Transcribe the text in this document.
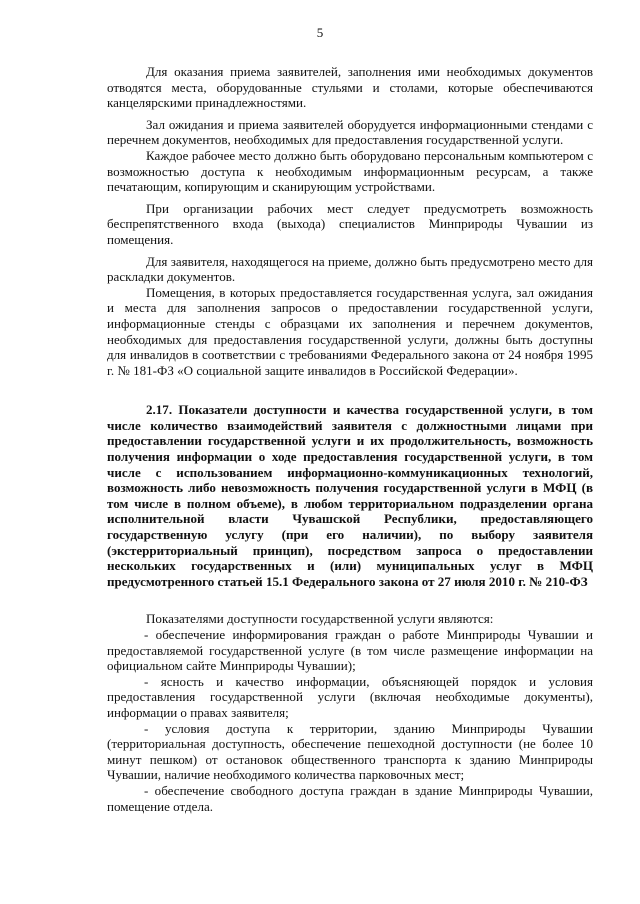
5

Для оказания приема заявителей, заполнения ими необходимых документов отводятся места, оборудованные стульями и столами, которые обеспечиваются канцелярскими принадлежностями.

Зал ожидания и приема заявителей оборудуется информационными стендами с перечнем документов, необходимых для предоставления государственной услуги.

Каждое рабочее место должно быть оборудовано персональным компьютером с возможностью доступа к необходимым информационным ресурсам, а также печатающим, копирующим и сканирующим устройствами.

При организации рабочих мест следует предусмотреть возможность беспрепятственного входа (выхода) специалистов Минприроды Чувашии из помещения.

Для заявителя, находящегося на приеме, должно быть предусмотрено место для раскладки документов.

Помещения, в которых предоставляется государственная услуга, зал ожидания и места для заполнения запросов о предоставлении государственной услуги, информационные стенды с образцами их заполнения и перечнем документов, необходимых для предоставления государственной услуги, должны быть доступны для инвалидов в соответствии с требованиями Федерального закона от 24 ноября 1995 г. № 181-ФЗ «О социальной защите инвалидов в Российской Федерации».

2.17. Показатели доступности и качества государственной услуги, в том числе количество взаимодействий заявителя с должностными лицами при предоставлении государственной услуги и их продолжительность, возможность получения информации о ходе предоставления государственной услуги, в том числе с использованием информационно-коммуникационных технологий, возможность либо невозможность получения государственной услуги в МФЦ (в том числе в полном объеме), в любом территориальном подразделении органа исполнительной власти Чувашской Республики, предоставляющего государственную услугу (при его наличии), по выбору заявителя (экстерриториальный принцип), посредством запроса о предоставлении нескольких государственных и (или) муниципальных услуг в МФЦ предусмотренного статьей 15.1 Федерального закона от 27 июля 2010 г. № 210-ФЗ

Показателями доступности государственной услуги являются:

- обеспечение информирования граждан о работе Минприроды Чувашии и предоставляемой государственной услуге (в том числе размещение информации на официальном сайте Минприроды Чувашии);

- ясность и качество информации, объясняющей порядок и условия предоставления государственной услуги (включая необходимые документы), информации о правах заявителя;

- условия доступа к территории, зданию Минприроды Чувашии (территориальная доступность, обеспечение пешеходной доступности (не более 10 минут пешком) от остановок общественного транспорта к зданию Минприроды Чувашии, наличие необходимого количества парковочных мест;

- обеспечение свободного доступа граждан в здание Минприроды Чувашии, помещение отдела.
